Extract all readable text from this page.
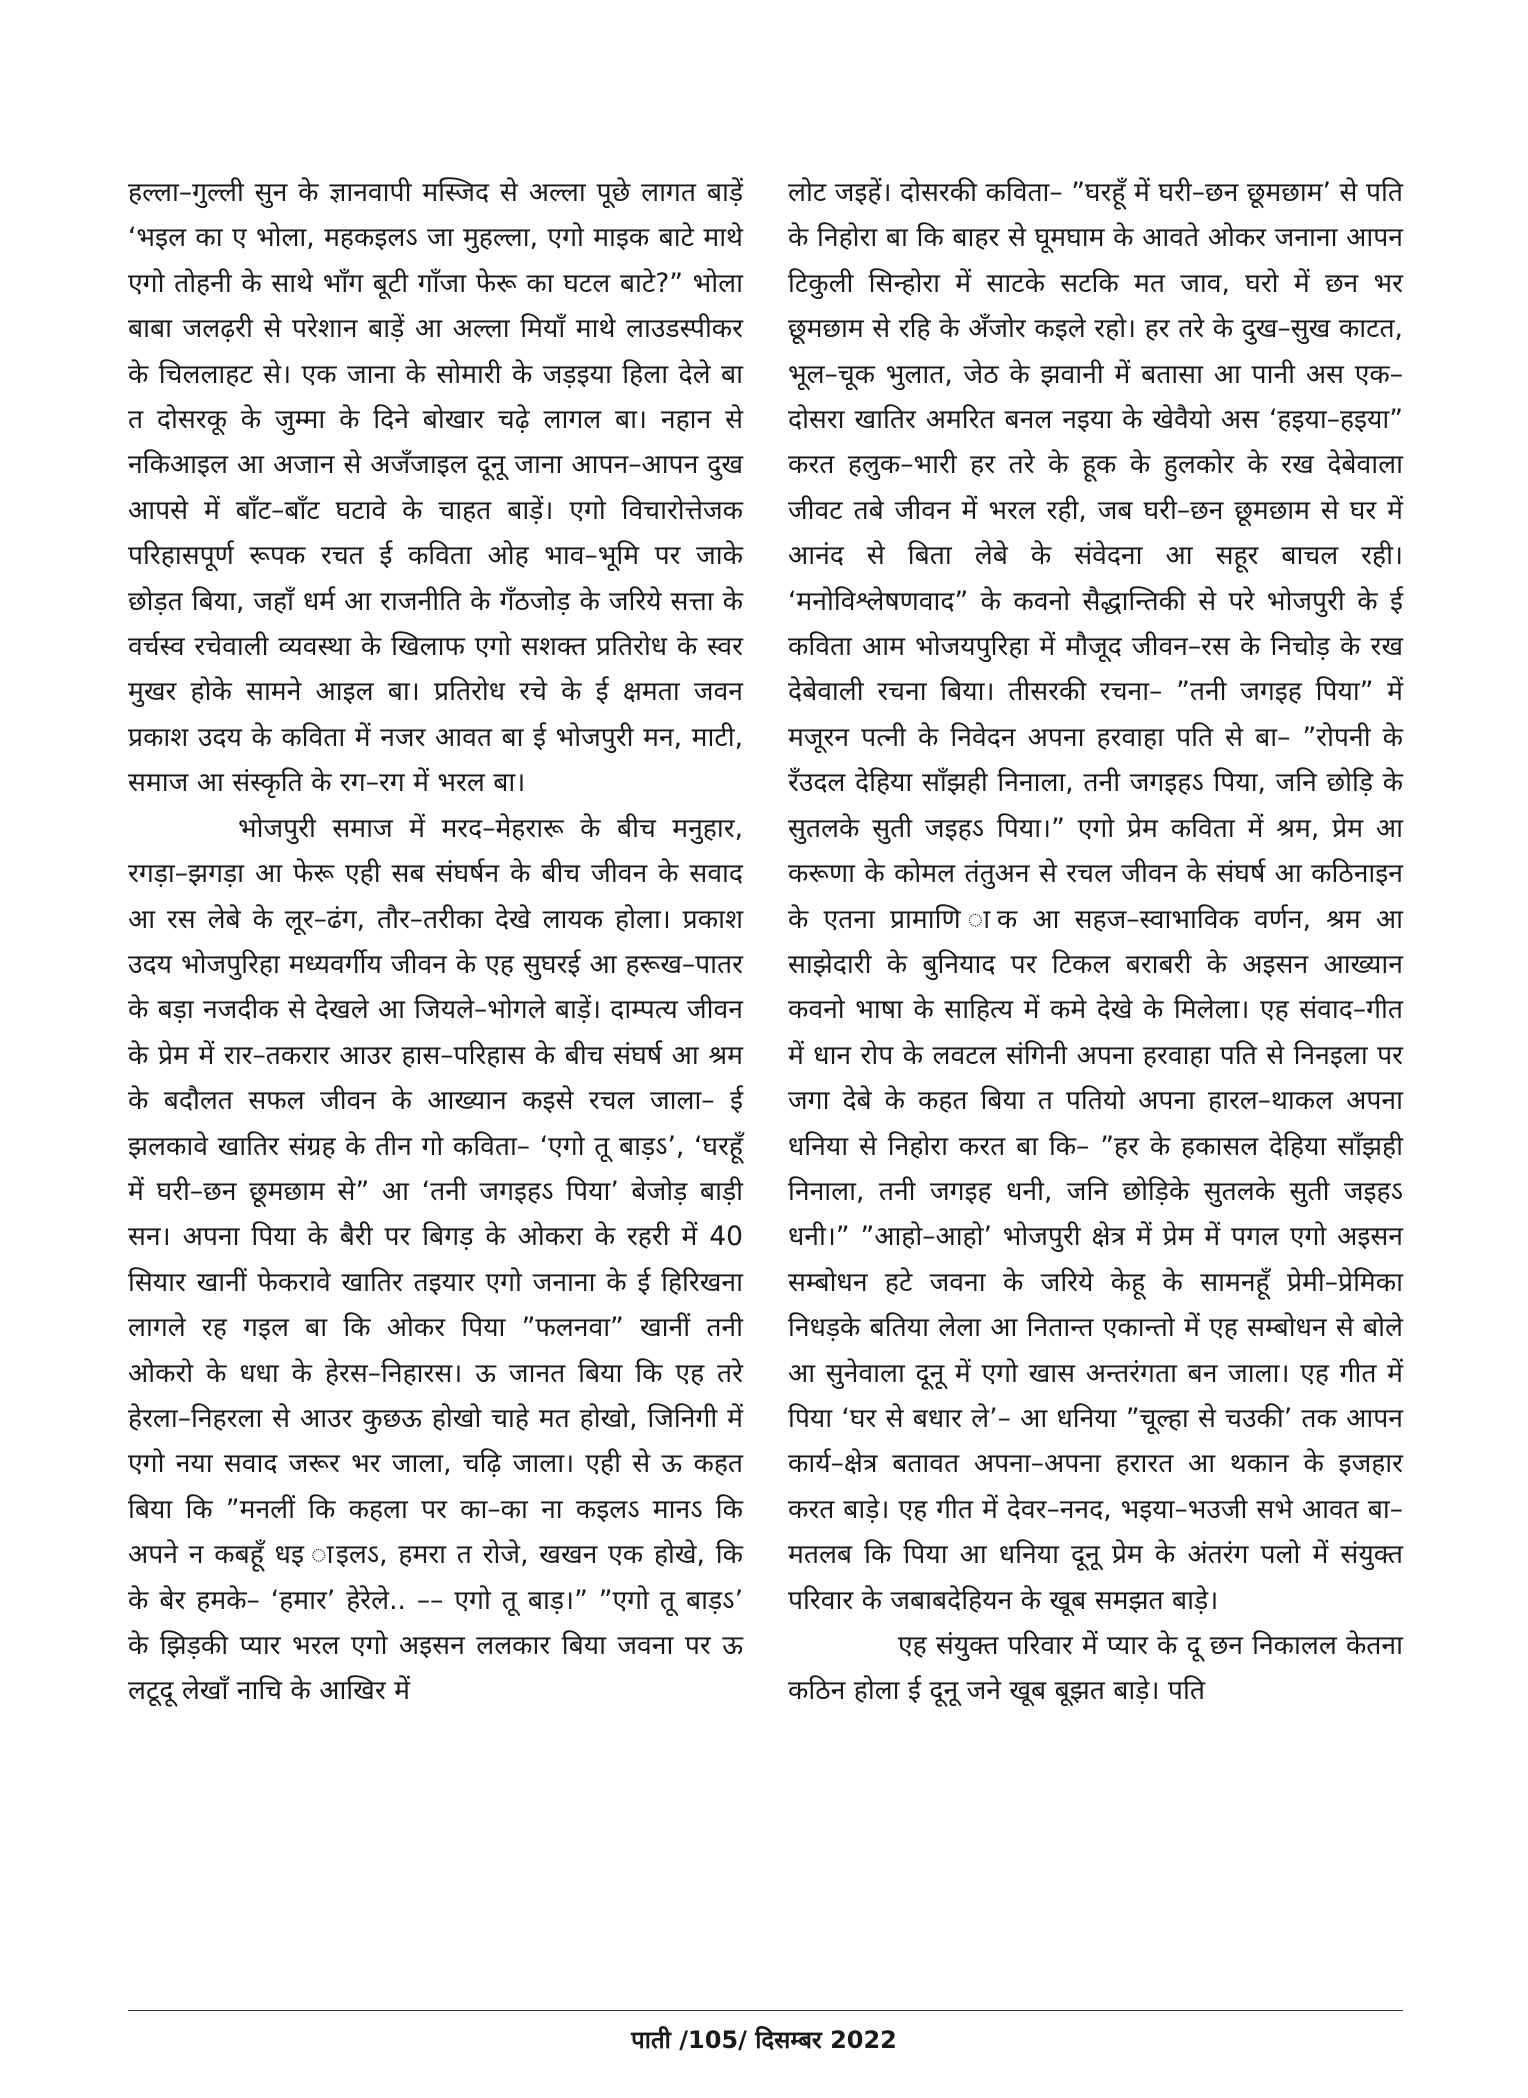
हल्ला–गुल्ली सुन के ज्ञानवापी मस्जिद से अल्ला पूछे लागत बाड़ें ‘भइल का ए भोला, महकइलऽ जा मुहल्ला, एगो माइक बाटे माथे एगो तोहनी के साथे भाँग बूटी गाँजा फेरू का घटल बाटे?” भोला बाबा जलढ़री से परेशान बाड़ें आ अल्ला मियाँ माथे लाउडस्पीकर के चिललाहट से। एक जाना के सोमारी के जड़इया हिला देले बा त दोसरकू के जुम्मा के दिने बोखार चढ़े लागल बा। नहान से नकिआइल आ अजान से अजँजाइल दूनू जाना आपन–आपन दुख आपसे में बाँट–बाँट घटावे के चाहत बाड़ें। एगो विचारोत्तेजक परिहासपूर्ण रूपक रचत ई कविता ओह भाव–भूमि पर जाके छोड़त बिया, जहाँ धर्म आ राजनीति के गँठजोड़ के जरिये सत्ता के वर्चस्व रचेवाली व्यवस्था के खिलाफ एगो सशक्त प्रतिरोध के स्वर मुखर होके सामने आइल बा। प्रतिरोध रचे के ई क्षमता जवन प्रकाश उदय के कविता में नजर आवत बा ई भोजपुरी मन, माटी, समाज आ संस्कृति के रग–रग में भरल बा।

भोजपुरी समाज में मरद–मेहरारू के बीच मनुहार, रगड़ा–झगड़ा आ फेरू एही सब संघर्षन के बीच जीवन के सवाद आ रस लेबे के लूर–ढंग, तौर–तरीका देखे लायक होला। प्रकाश उदय भोजपुरिहा मध्यवर्गीय जीवन के एह सुघरई आ हरूख–पातर के बड़ा नजदीक से देखले आ जियले–भोगले बाड़ें। दाम्पत्य जीवन के प्रेम में रार–तकरार आउर हास–परिहास के बीच संघर्ष आ श्रम के बदौलत सफल जीवन के आख्यान कइसे रचल जाला– ई झलकावे खातिर संग्रह के तीन गो कविता– ‘एगो तू बाड़ऽ’, ‘घरहूँ में घरी–छन छूमछाम से” आ ‘तनी जगइहऽ पिया’ बेजोड़ बाड़ी सन। अपना पिया के बैरी पर बिगड़ के ओकरा के रहरी में 40 सियार खानीं फेकरावे खातिर तइयार एगो जनाना के ई हिरिखना लागले रह गइल बा कि ओकर पिया ”फलनवा” खानीं तनी ओकरो के धधा के हेरस–निहारस। ऊ जानत बिया कि एह तरे हेरला–निहरला से आउर कुछऊ होखो चाहे मत होखो, जिनिगी में एगो नया सवाद जरूर भर जाला, चढ़ि जाला। एही से ऊ कहत बिया कि ”मनलीं कि कहला पर का–का ना कइलऽ मानऽ कि अपने न कबहूँ धइ ाइलऽ, हमरा त रोजे, खखन एक होखे, कि के बेर हमके– ‘हमार’ हेरेले.. –– एगो तू बाड़।” ”एगो तू बाड़ऽ’ के झिड़की प्यार भरल एगो अइसन ललकार बिया जवना पर ऊ लटूदू लेखाँ नाचि के आखिर में

लोट जइहें। दोसरकी कविता– ”घरहूँ में घरी–छन छूमछाम’ से पति के निहोरा बा कि बाहर से घूमघाम के आवते ओकर जनाना आपन टिकुली सिन्होरा में साटके सटकि मत जाव, घरो में छन भर छूमछाम से रहि के अँजोर कइले रहो। हर तरे के दुख–सुख काटत, भूल–चूक भुलात, जेठ के झवानी में बतासा आ पानी अस एक–दोसरा खातिर अमरित बनल नइया के खेवैयो अस ‘हइया–हइया” करत हलुक–भारी हर तरे के हूक के हुलकोर के रख देबेवाला जीवट तबे जीवन में भरल रही, जब घरी–छन छूमछाम से घर में आनंद से बिता लेबे के संवेदना आ सहूर बाचल रही। ‘मनोविश्लेषणवाद” के कवनो सैद्धान्तिकी से परे भोजपुरी के ई कविता आम भोजयपुरिहा में मौजूद जीवन–रस के निचोड़ के रख देबेवाली रचना बिया। तीसरकी रचना– ”तनी जगइह पिया” में मजूरन पत्नी के निवेदन अपना हरवाहा पति से बा– ”रोपनी के रँउदल देहिया साँझही निनाला, तनी जगइहऽ पिया, जनि छोड़ि के सुतलके सुती जइहऽ पिया।” एगो प्रेम कविता में श्रम, प्रेम आ करूणा के कोमल तंतुअन से रचल जीवन के संघर्ष आ कठिनाइन के एतना प्रामाणि ाक आ सहज–स्वाभाविक वर्णन, श्रम आ साझेदारी के बुनियाद पर टिकल बराबरी के अइसन आख्यान कवनो भाषा के साहित्य में कमे देखे के मिलेला। एह संवाद–गीत में धान रोप के लवटल संगिनी अपना हरवाहा पति से निनइला पर जगा देबे के कहत बिया त पतियो अपना हारल–थाकल अपना धनिया से निहोरा करत बा कि– ”हर के हकासल देहिया साँझही निनाला, तनी जगइह धनी, जनि छोड़िके सुतलके सुती जइहऽ धनी।” ”आहो–आहो’ भोजपुरी क्षेत्र में प्रेम में पगल एगो अइसन सम्बोधन हटे जवना के जरिये केहू के सामनहूँ प्रेमी–प्रेमिका निधड़के बतिया लेला आ नितान्त एकान्तो में एह सम्बोधन से बोले आ सुनेवाला दूनू में एगो खास अन्तरंगता बन जाला। एह गीत में पिया ‘घर से बधार ले’– आ धनिया ”चूल्हा से चउकी’ तक आपन कार्य–क्षेत्र बतावत अपना–अपना हरारत आ थकान के इजहार करत बाड़े। एह गीत में देवर–ननद, भइया–भउजी सभे आवत बा– मतलब कि पिया आ धनिया दूनू प्रेम के अंतरंग पलो में संयुक्त परिवार के जबाबदेहियन के खूब समझत बाड़े।

एह संयुक्त परिवार में प्यार के दू छन निकालल केतना कठिन होला ई दूनू जने खूब बूझत बाड़े। पति

पाती /105/ दिसम्बर 2022
